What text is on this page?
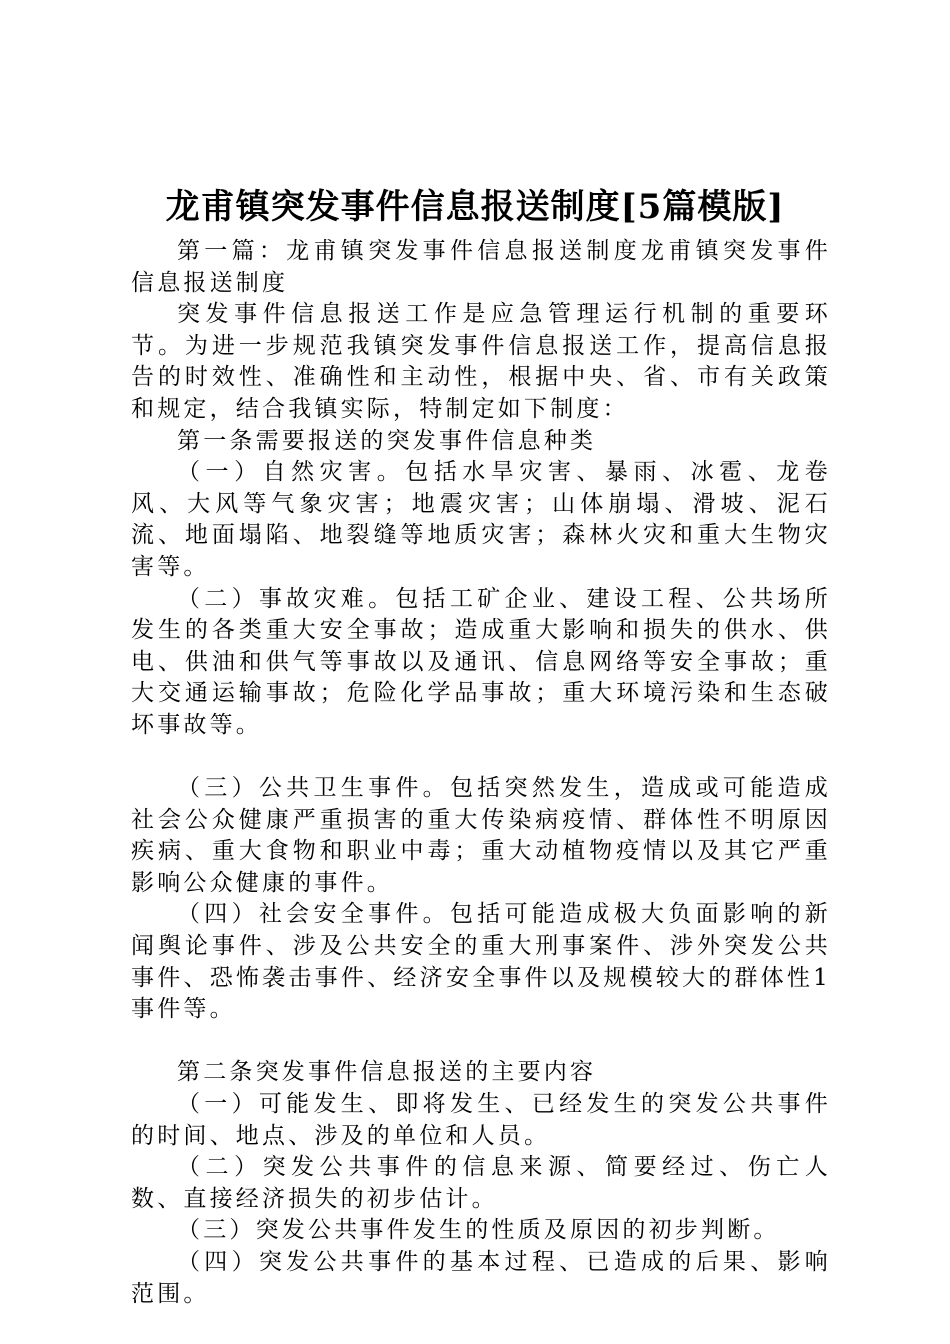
龙甫镇突发事件信息报送制度[5篇模版]

第一篇：龙甫镇突发事件信息报送制度龙甫镇突发事件信息报送制度

突发事件信息报送工作是应急管理运行机制的重要环节。为进一步规范我镇突发事件信息报送工作，提高信息报告的时效性、准确性和主动性，根据中央、省、市有关政策和规定，结合我镇实际，特制定如下制度：

第一条需要报送的突发事件信息种类

（一）自然灾害。包括水旱灾害、暴雨、冰雹、龙卷风、大风等气象灾害；地震灾害；山体崩塌、滑坡、泥石流、地面塌陷、地裂缝等地质灾害；森林火灾和重大生物灾害等。

（二）事故灾难。包括工矿企业、建设工程、公共场所发生的各类重大安全事故；造成重大影响和损失的供水、供电、供油和供气等事故以及通讯、信息网络等安全事故；重大交通运输事故；危险化学品事故；重大环境污染和生态破坏事故等。

（三）公共卫生事件。包括突然发生，造成或可能造成社会公众健康严重损害的重大传染病疫情、群体性不明原因疾病、重大食物和职业中毒；重大动植物疫情以及其它严重影响公众健康的事件。

（四）社会安全事件。包括可能造成极大负面影响的新闻舆论事件、涉及公共安全的重大刑事案件、涉外突发公共事件、恐怖袭击事件、经济安全事件以及规模较大的群体性1事件等。

第二条突发事件信息报送的主要内容

（一）可能发生、即将发生、已经发生的突发公共事件的时间、地点、涉及的单位和人员。

（二）突发公共事件的信息来源、简要经过、伤亡人数、直接经济损失的初步估计。

（三）突发公共事件发生的性质及原因的初步判断。

（四）突发公共事件的基本过程、已造成的后果、影响范围。
